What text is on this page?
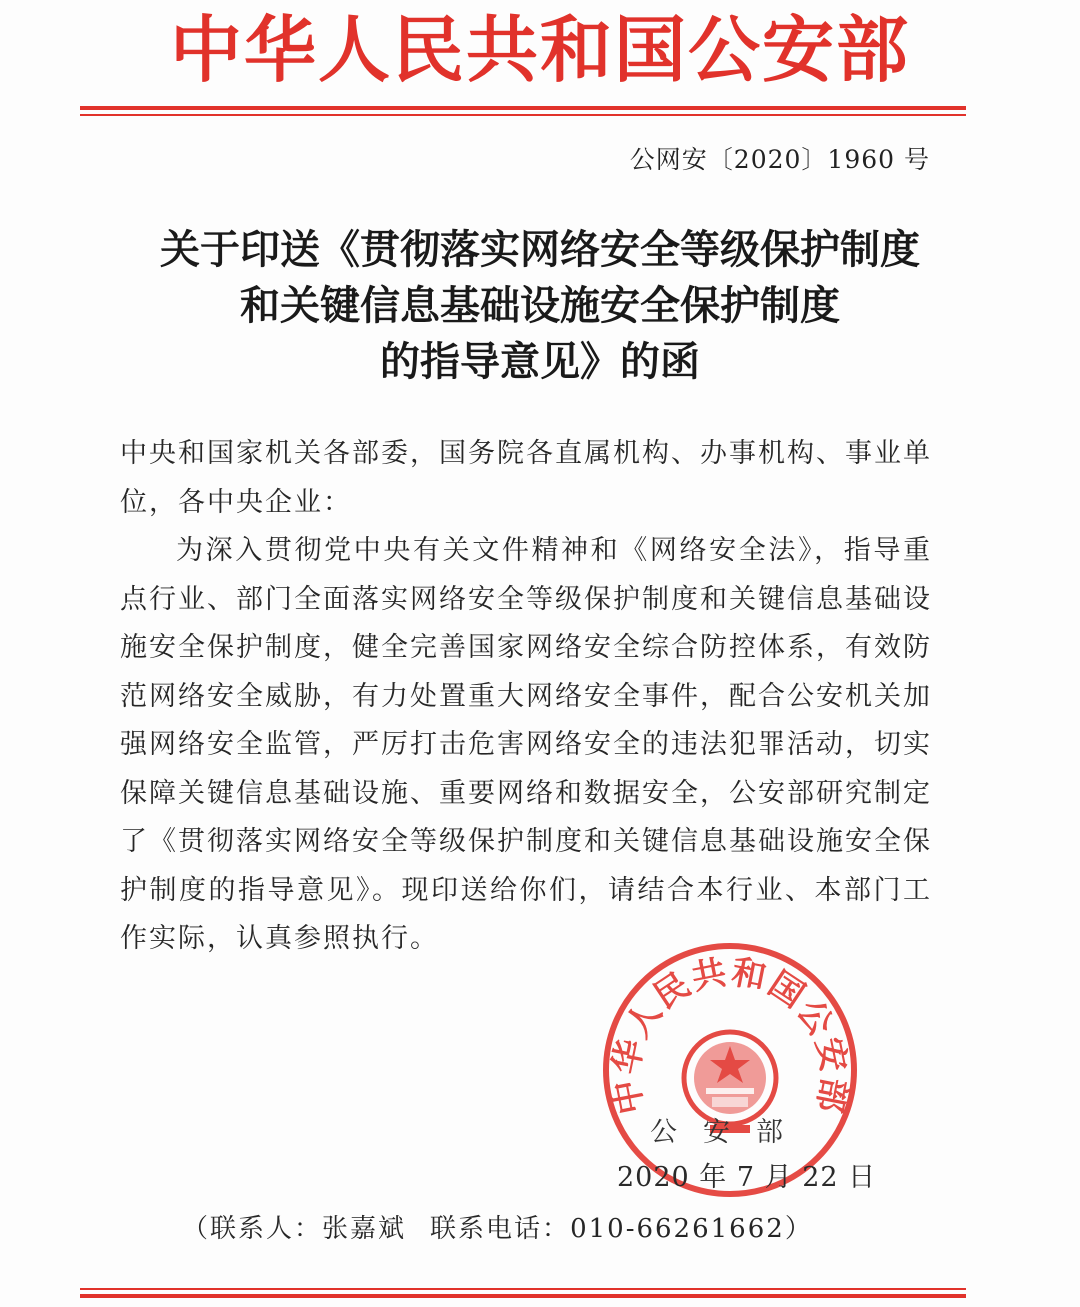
中华人民共和国公安部
公网安〔2020〕1960 号
关于印送《贯彻落实网络安全等级保护制度
和关键信息基础设施安全保护制度
的指导意见》的函

中央和国家机关各部委，国务院各直属机构、办事机构、事业单位，各中央企业：

为深入贯彻党中央有关文件精神和《网络安全法》，指导重点行业、部门全面落实网络安全等级保护制度和关键信息基础设施安全保护制度，健全完善国家网络安全综合防控体系，有效防范网络安全威胁，有力处置重大网络安全事件，配合公安机关加强网络安全监管，严厉打击危害网络安全的违法犯罪活动，切实保障关键信息基础设施、重要网络和数据安全，公安部研究制定了《贯彻落实网络安全等级保护制度和关键信息基础设施安全保护制度的指导意见》。现印送给你们，请结合本行业、本部门工作实际，认真参照执行。

中华人民共和国公安部
公安部
2020 年 7 月 22 日
（联系人：张嘉斌 联系电话：010-66261662）
